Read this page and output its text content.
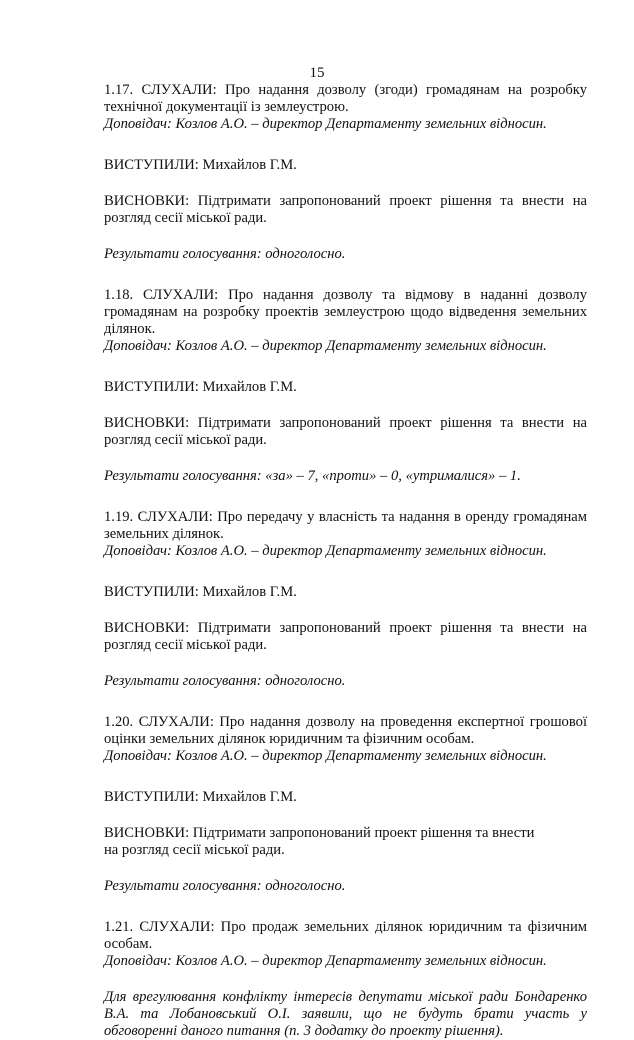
15

1.17. СЛУХАЛИ: Про надання дозволу (згоди) громадянам на розробку технічної документації із землеустрою.

Доповідач: Козлов А.О. – директор Департаменту земельних відносин.

ВИСТУПИЛИ: Михайлов Г.М.

ВИСНОВКИ: Підтримати запропонований проект рішення та внести на розгляд сесії міської ради.

Результати голосування: одноголосно.

1.18. СЛУХАЛИ: Про надання дозволу та відмову в наданні дозволу громадянам на розробку проектів землеустрою щодо відведення земельних ділянок.

Доповідач: Козлов А.О. – директор Департаменту земельних відносин.

ВИСТУПИЛИ: Михайлов Г.М.

ВИСНОВКИ: Підтримати запропонований проект рішення та внести на розгляд сесії міської ради.

Результати голосування: «за» – 7, «проти» – 0, «утрималися» – 1.

1.19. СЛУХАЛИ: Про передачу у власність та надання в оренду громадянам земельних ділянок.

Доповідач: Козлов А.О. – директор Департаменту земельних відносин.

ВИСТУПИЛИ: Михайлов Г.М.

ВИСНОВКИ: Підтримати запропонований проект рішення та внести на розгляд сесії міської ради.

Результати голосування: одноголосно.

1.20. СЛУХАЛИ: Про надання дозволу на проведення експертної грошової оцінки земельних ділянок юридичним та фізичним особам.

Доповідач: Козлов А.О. – директор Департаменту земельних відносин.

ВИСТУПИЛИ: Михайлов Г.М.

ВИСНОВКИ: Підтримати запропонований проект рішення та внести

на розгляд сесії міської ради.

Результати голосування: одноголосно.

1.21. СЛУХАЛИ: Про продаж земельних ділянок юридичним та фізичним особам.

Доповідач: Козлов А.О. – директор Департаменту земельних відносин.

Для врегулювання конфлікту інтересів депутати міської ради Бондаренко В.А. та Лобановський О.І. заявили, що не будуть брати участь у обговоренні даного питання (п. 3 додатку до проекту рішення).
